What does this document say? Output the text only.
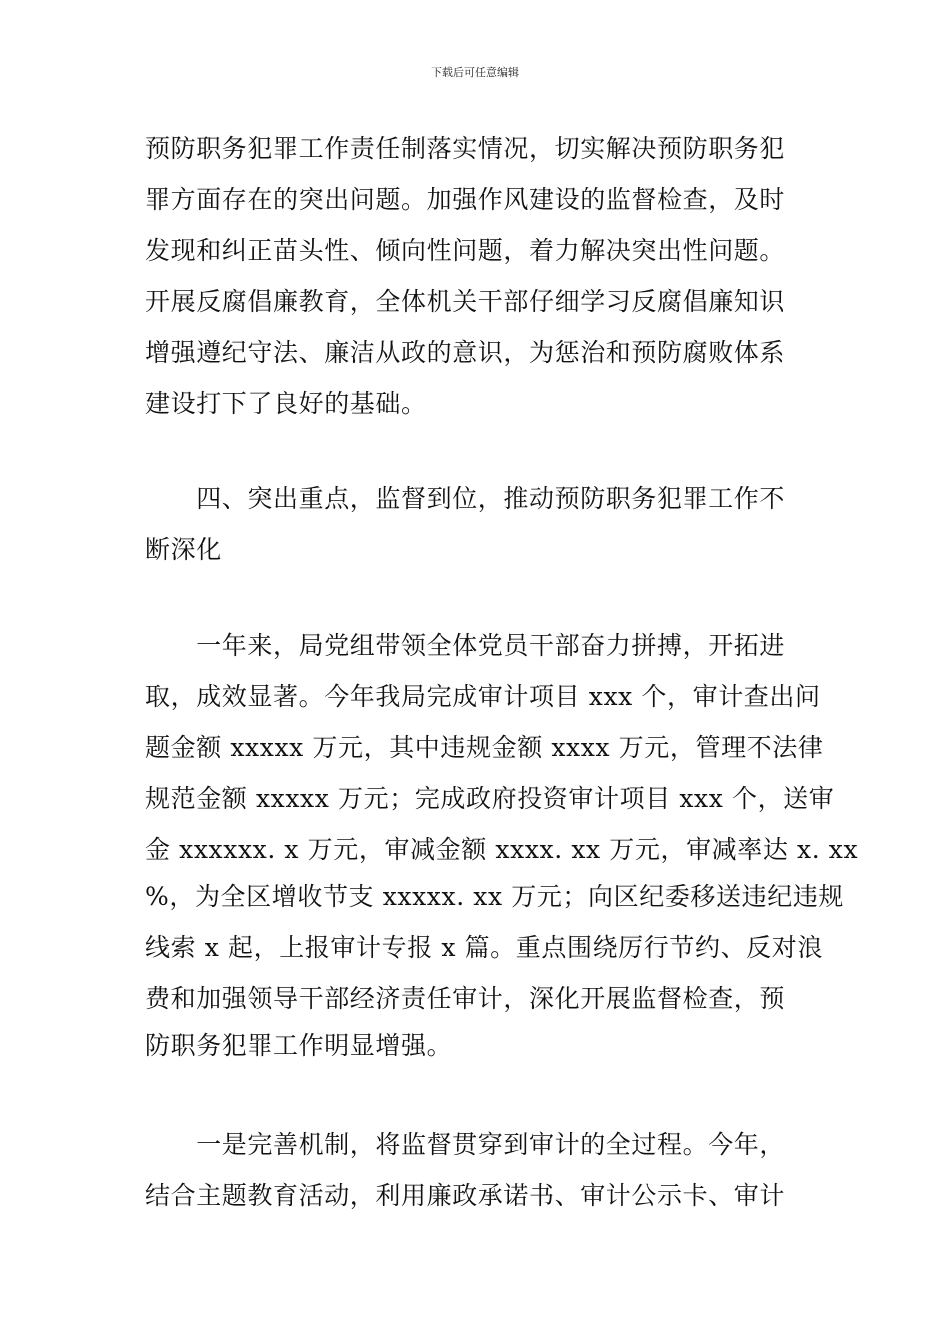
下载后可任意编辑
预防职务犯罪工作责任制落实情况，切实解决预防职务犯
罪方面存在的突出问题。加强作风建设的监督检查，及时
发现和纠正苗头性、倾向性问题，着力解决突出性问题。
开展反腐倡廉教育，全体机关干部仔细学习反腐倡廉知识
增强遵纪守法、廉洁从政的意识，为惩治和预防腐败体系
建设打下了良好的基础。
　　四、突出重点，监督到位，推动预防职务犯罪工作不
断深化
　　一年来，局党组带领全体党员干部奋力拼搏，开拓进
取，成效显著。今年我局完成审计项目 xxx 个，审计查出问
题金额 xxxxx 万元，其中违规金额 xxxx 万元，管理不法律
规范金额 xxxxx 万元；完成政府投资审计项目 xxx 个，送审
金 xxxxxx. x 万元，审减金额 xxxx. xx 万元，审减率达 x. xx
%，为全区增收节支 xxxxx. xx 万元；向区纪委移送违纪违规
线索 x 起，上报审计专报 x 篇。重点围绕厉行节约、反对浪
费和加强领导干部经济责任审计，深化开展监督检查，预
防职务犯罪工作明显增强。
　　一是完善机制，将监督贯穿到审计的全过程。今年，
结合主题教育活动，利用廉政承诺书、审计公示卡、审计
